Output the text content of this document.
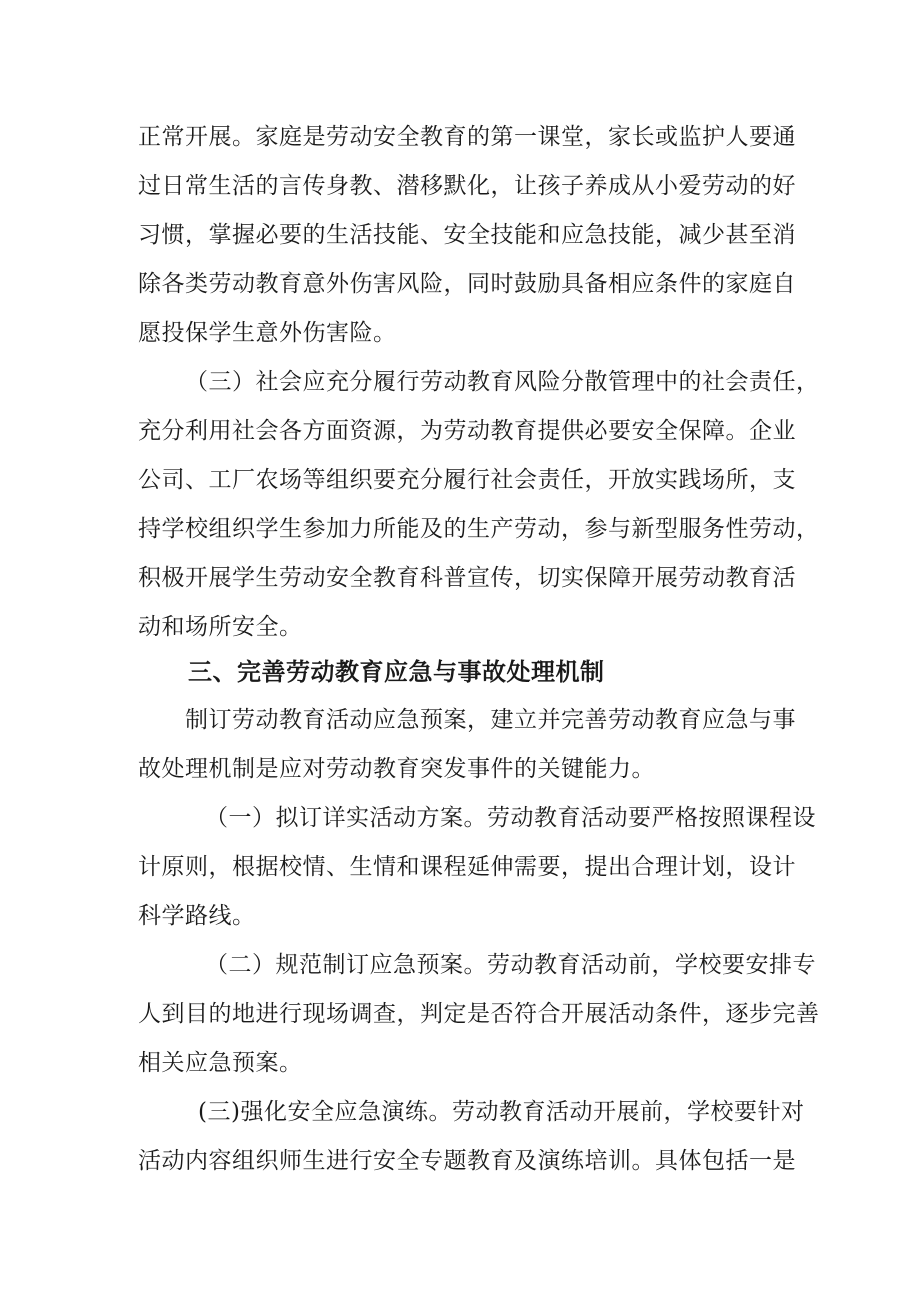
正常开展。家庭是劳动安全教育的第一课堂，家长或监护人要通
过日常生活的言传身教、潜移默化，让孩子养成从小爱劳动的好
习惯，掌握必要的生活技能、安全技能和应急技能，减少甚至消
除各类劳动教育意外伤害风险，同时鼓励具备相应条件的家庭自
愿投保学生意外伤害险。
（三）社会应充分履行劳动教育风险分散管理中的社会责任，
充分利用社会各方面资源，为劳动教育提供必要安全保障。企业
公司、工厂农场等组织要充分履行社会责任，开放实践场所，支
持学校组织学生参加力所能及的生产劳动，参与新型服务性劳动，
积极开展学生劳动安全教育科普宣传，切实保障开展劳动教育活
动和场所安全。
三、完善劳动教育应急与事故处理机制
制订劳动教育活动应急预案，建立并完善劳动教育应急与事
故处理机制是应对劳动教育突发事件的关键能力。
（一）拟订详实活动方案。劳动教育活动要严格按照课程设
计原则，根据校情、生情和课程延伸需要，提出合理计划，设计
科学路线。
（二）规范制订应急预案。劳动教育活动前，学校要安排专
人到目的地进行现场调查，判定是否符合开展活动条件，逐步完善
相关应急预案。
(三)强化安全应急演练。劳动教育活动开展前，学校要针对
活动内容组织师生进行安全专题教育及演练培训。具体包括一是
